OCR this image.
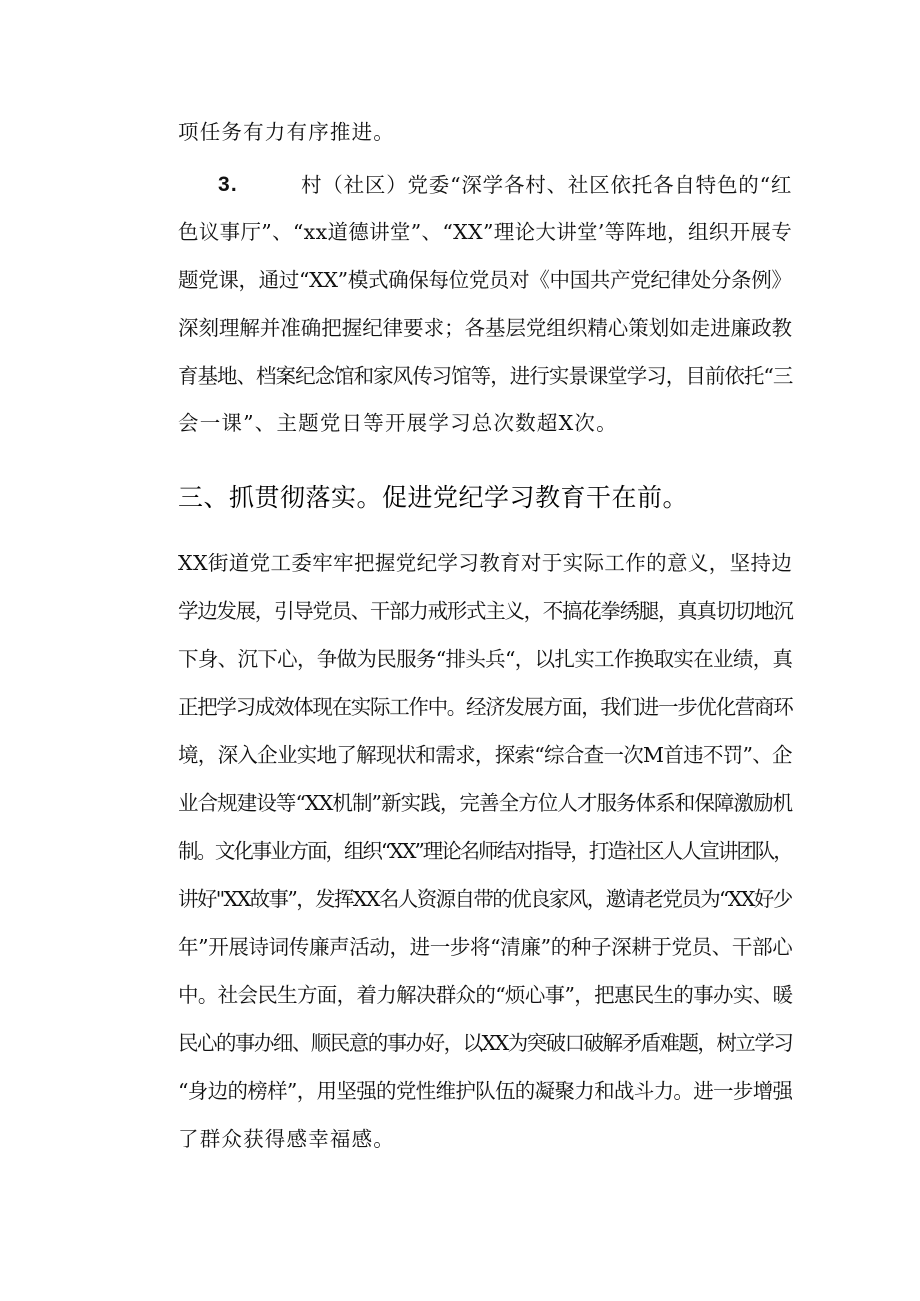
项任务有力有序推进。
3.	村（社区）党委“深学各村、社区依托各自特色的“红
色议事厅”、“xx道德讲堂”、“XX”理论大讲堂’等阵地，组织开展专
题党课，通过“XX”模式确保每位党员对《中国共产党纪律处分条例》
深刻理解并准确把握纪律要求；各基层党组织精心策划如走进廉政教
育基地、档案纪念馆和家风传习馆等，进行实景课堂学习，目前依托“三
会一课”、主题党日等开展学习总次数超X次。
三、抓贯彻落实。促进党纪学习教育干在前。
XX街道党工委牢牢把握党纪学习教育对于实际工作的意义，坚持边
学边发展，引导党员、干部力戒形式主义，不搞花拳绣腿，真真切切地沉
下身、沉下心，争做为民服务“排头兵“，以扎实工作换取实在业绩，真
正把学习成效体现在实际工作中。经济发展方面，我们进一步优化营商环
境，深入企业实地了解现状和需求，探索“综合查一次M首违不罚”、企
业合规建设等“XX机制”新实践，完善全方位人才服务体系和保障激励机
制。文化事业方面，组织“XX”理论名师结对指导，打造社区人人宣讲团队，
讲好"XX故事”，发挥XX名人资源自带的优良家风，邀请老党员为“XX好少
年”开展诗词传廉声活动，进一步将“清廉”的种子深耕于党员、干部心
中。社会民生方面，着力解决群众的“烦心事”，把惠民生的事办实、暖
民心的事办细、顺民意的事办好，以XX为突破口破解矛盾难题，树立学习
“身边的榜样”，用坚强的党性维护队伍的凝聚力和战斗力。进一步增强
了群众获得感幸福感。
